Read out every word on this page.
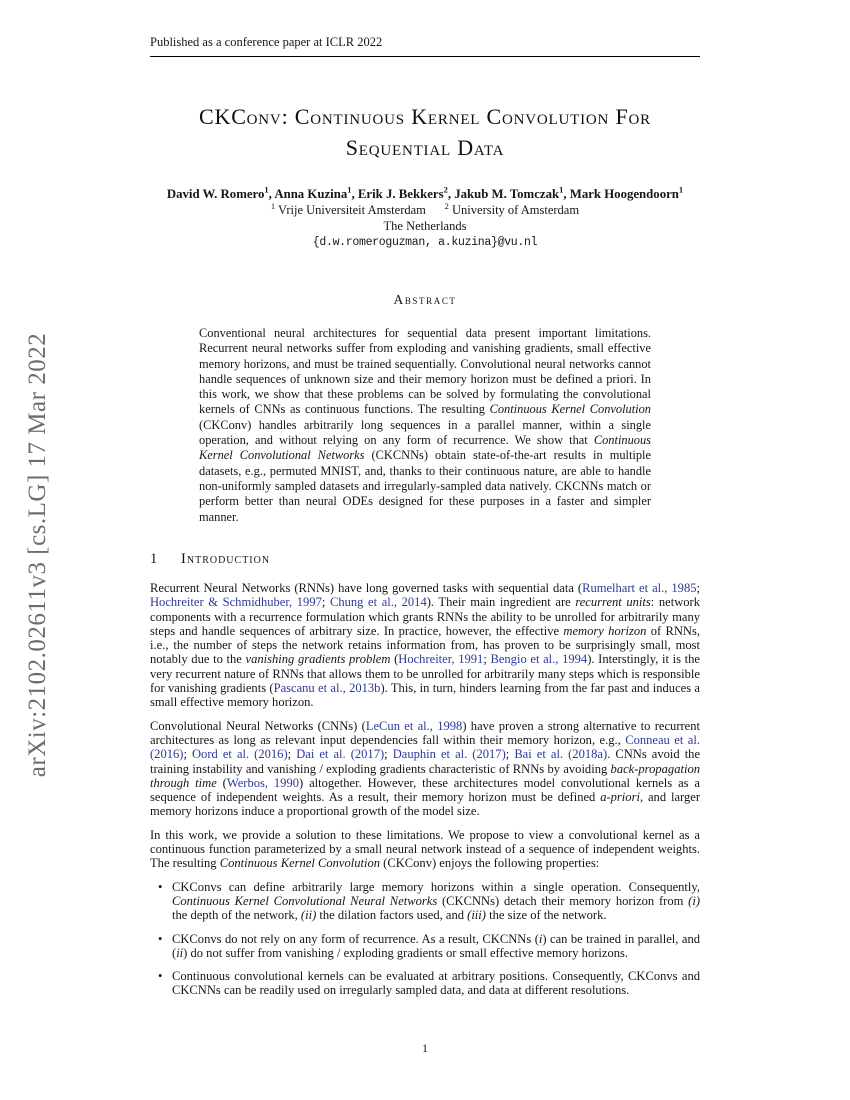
arXiv:2102.02611v3 [cs.LG] 17 Mar 2022
Published as a conference paper at ICLR 2022
CKConv: Continuous Kernel Convolution For
Sequential Data
David W. Romero$^1$, Anna Kuzina$^1$, Erik J. Bekkers$^2$, Jakub M. Tomczak$^1$, Mark Hoogendoorn$^1$
$^1$ Vrije Universiteit Amsterdam  $^2$ University of Amsterdam
The Netherlands
{d.w.romeroguzman, a.kuzina}@vu.nl
Abstract
Conventional neural architectures for sequential data present important limitations. Recurrent neural networks suffer from exploding and vanishing gradients, small effective memory horizons, and must be trained sequentially. Convolutional neural networks cannot handle sequences of unknown size and their memory horizon must be defined a priori. In this work, we show that these problems can be solved by formulating the convolutional kernels of CNNs as continuous functions. The resulting Continuous Kernel Convolution (CKConv) handles arbitrarily long sequences in a parallel manner, within a single operation, and without relying on any form of recurrence. We show that Continuous Kernel Convolutional Networks (CKCNNs) obtain state-of-the-art results in multiple datasets, e.g., permuted MNIST, and, thanks to their continuous nature, are able to handle non-uniformly sampled datasets and irregularly-sampled data natively. CKCNNs match or perform better than neural ODEs designed for these purposes in a faster and simpler manner.
1 Introduction

Recurrent Neural Networks (RNNs) have long governed tasks with sequential data (Rumelhart et al., 1985; Hochreiter & Schmidhuber, 1997; Chung et al., 2014). Their main ingredient are recurrent units: network components with a recurrence formulation which grants RNNs the ability to be unrolled for arbitrarily many steps and handle sequences of arbitrary size. In practice, however, the effective memory horizon of RNNs, i.e., the number of steps the network retains information from, has proven to be surprisingly small, most notably due to the vanishing gradients problem (Hochreiter, 1991; Bengio et al., 1994). Interstingly, it is the very recurrent nature of RNNs that allows them to be unrolled for arbitrarily many steps which is responsible for vanishing gradients (Pascanu et al., 2013b). This, in turn, hinders learning from the far past and induces a small effective memory horizon.

Convolutional Neural Networks (CNNs) (LeCun et al., 1998) have proven a strong alternative to recurrent architectures as long as relevant input dependencies fall within their memory horizon, e.g., Conneau et al. (2016); Oord et al. (2016); Dai et al. (2017); Dauphin et al. (2017); Bai et al. (2018a). CNNs avoid the training instability and vanishing / exploding gradients characteristic of RNNs by avoiding back-propagation through time (Werbos, 1990) altogether. However, these architectures model convolutional kernels as a sequence of independent weights. As a result, their memory horizon must be defined a-priori, and larger memory horizons induce a proportional growth of the model size.

In this work, we provide a solution to these limitations. We propose to view a convolutional kernel as a continuous function parameterized by a small neural network instead of a sequence of independent weights. The resulting Continuous Kernel Convolution (CKConv) enjoys the following properties:

• CKConvs can define arbitrarily large memory horizons within a single operation. Consequently, Continuous Kernel Convolutional Neural Networks (CKCNNs) detach their memory horizon from (i) the depth of the network, (ii) the dilation factors used, and (iii) the size of the network.
• CKConvs do not rely on any form of recurrence. As a result, CKCNNs (i) can be trained in parallel, and (ii) do not suffer from vanishing / exploding gradients or small effective memory horizons.
• Continuous convolutional kernels can be evaluated at arbitrary positions. Consequently, CKConvs and CKCNNs can be readily used on irregularly sampled data, and data at different resolutions.
1
